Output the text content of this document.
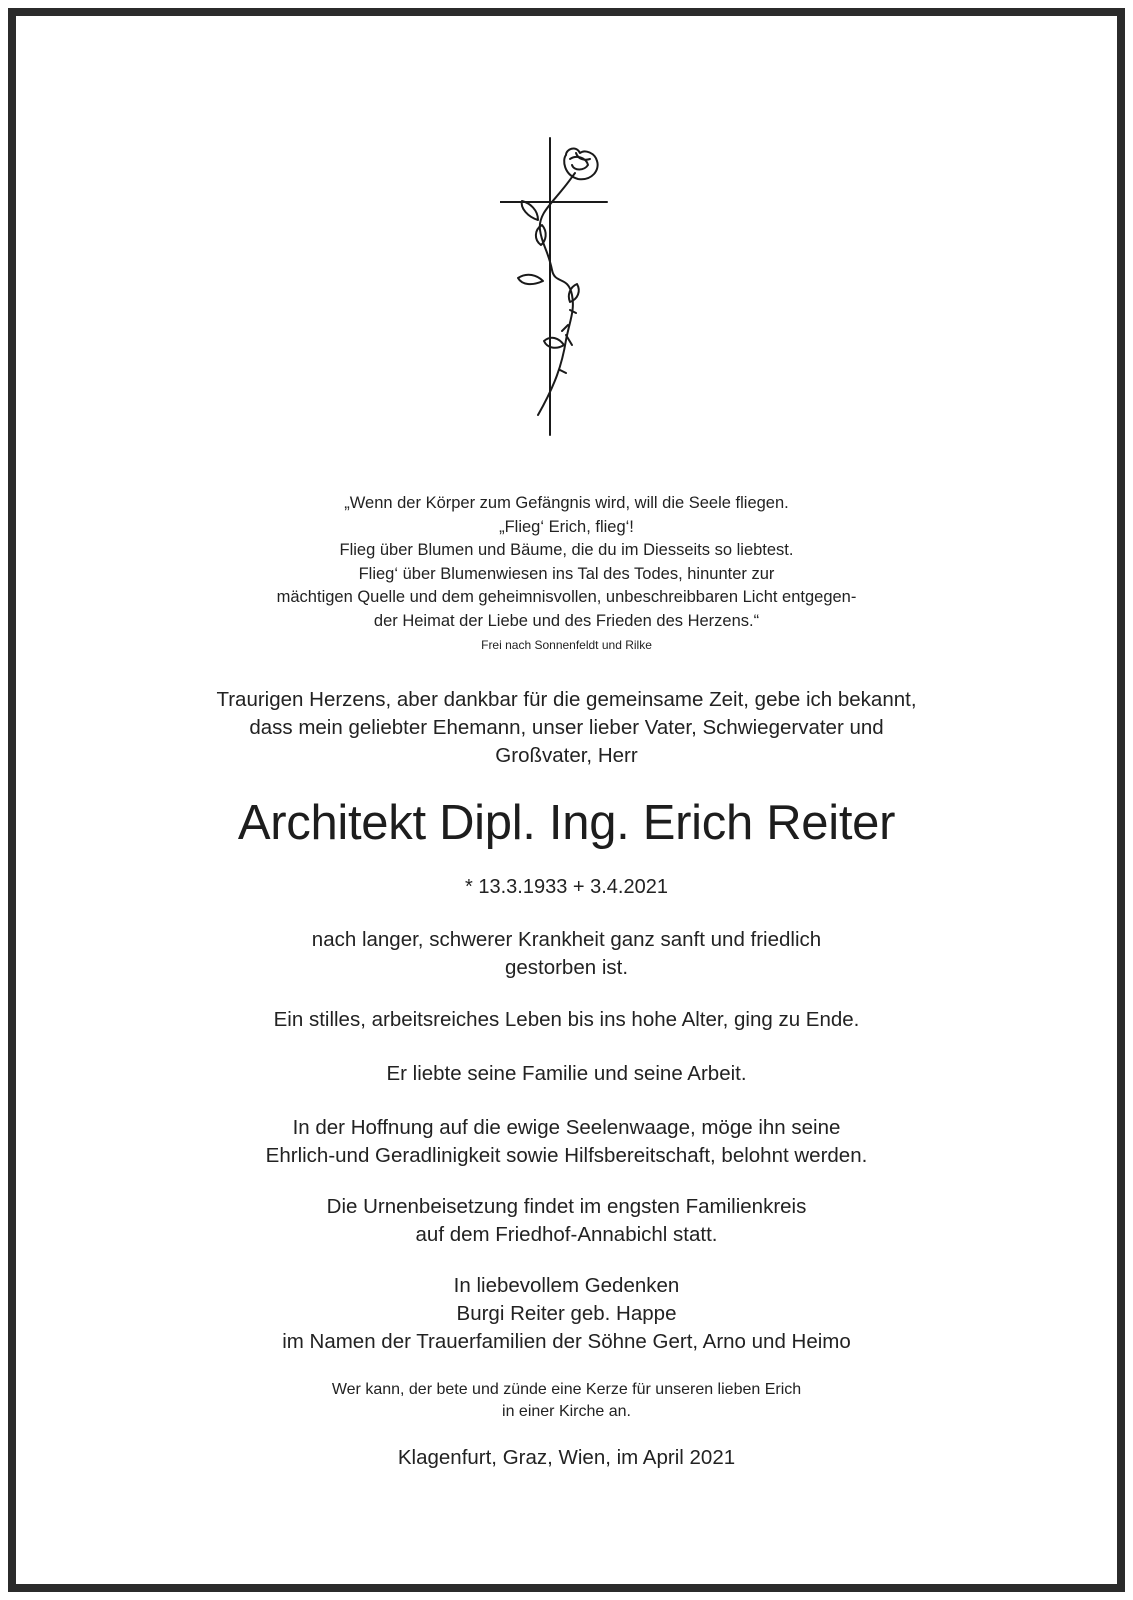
„Wenn der Körper zum Gefängnis wird, will die Seele fliegen.
„Flieg‘ Erich, flieg‘!
Flieg über Blumen und Bäume, die du im Diesseits so liebtest.
Flieg‘ über Blumenwiesen ins Tal des Todes, hinunter zur
mächtigen Quelle und dem geheimnisvollen, unbeschreibbaren Licht entgegen-
der Heimat der Liebe und des Frieden des Herzens.“
Frei nach Sonnenfeldt und Rilke
Traurigen Herzens, aber dankbar für die gemeinsame Zeit, gebe ich bekannt,
dass mein geliebter Ehemann, unser lieber Vater, Schwiegervater und
Großvater, Herr
Architekt Dipl. Ing. Erich Reiter
* 13.3.1933 + 3.4.2021
nach langer, schwerer Krankheit ganz sanft und friedlich
gestorben ist.
Ein stilles, arbeitsreiches Leben bis ins hohe Alter, ging zu Ende.
Er liebte seine Familie und seine Arbeit.
In der Hoffnung auf die ewige Seelenwaage, möge ihn seine
Ehrlich-und Geradlinigkeit sowie Hilfsbereitschaft, belohnt werden.
Die Urnenbeisetzung findet im engsten Familienkreis
auf dem Friedhof-Annabichl statt.
In liebevollem Gedenken
Burgi Reiter geb. Happe
im Namen der Trauerfamilien der Söhne Gert, Arno und Heimo
Wer kann, der bete und zünde eine Kerze für unseren lieben Erich
in einer Kirche an.
Klagenfurt, Graz, Wien, im April 2021
